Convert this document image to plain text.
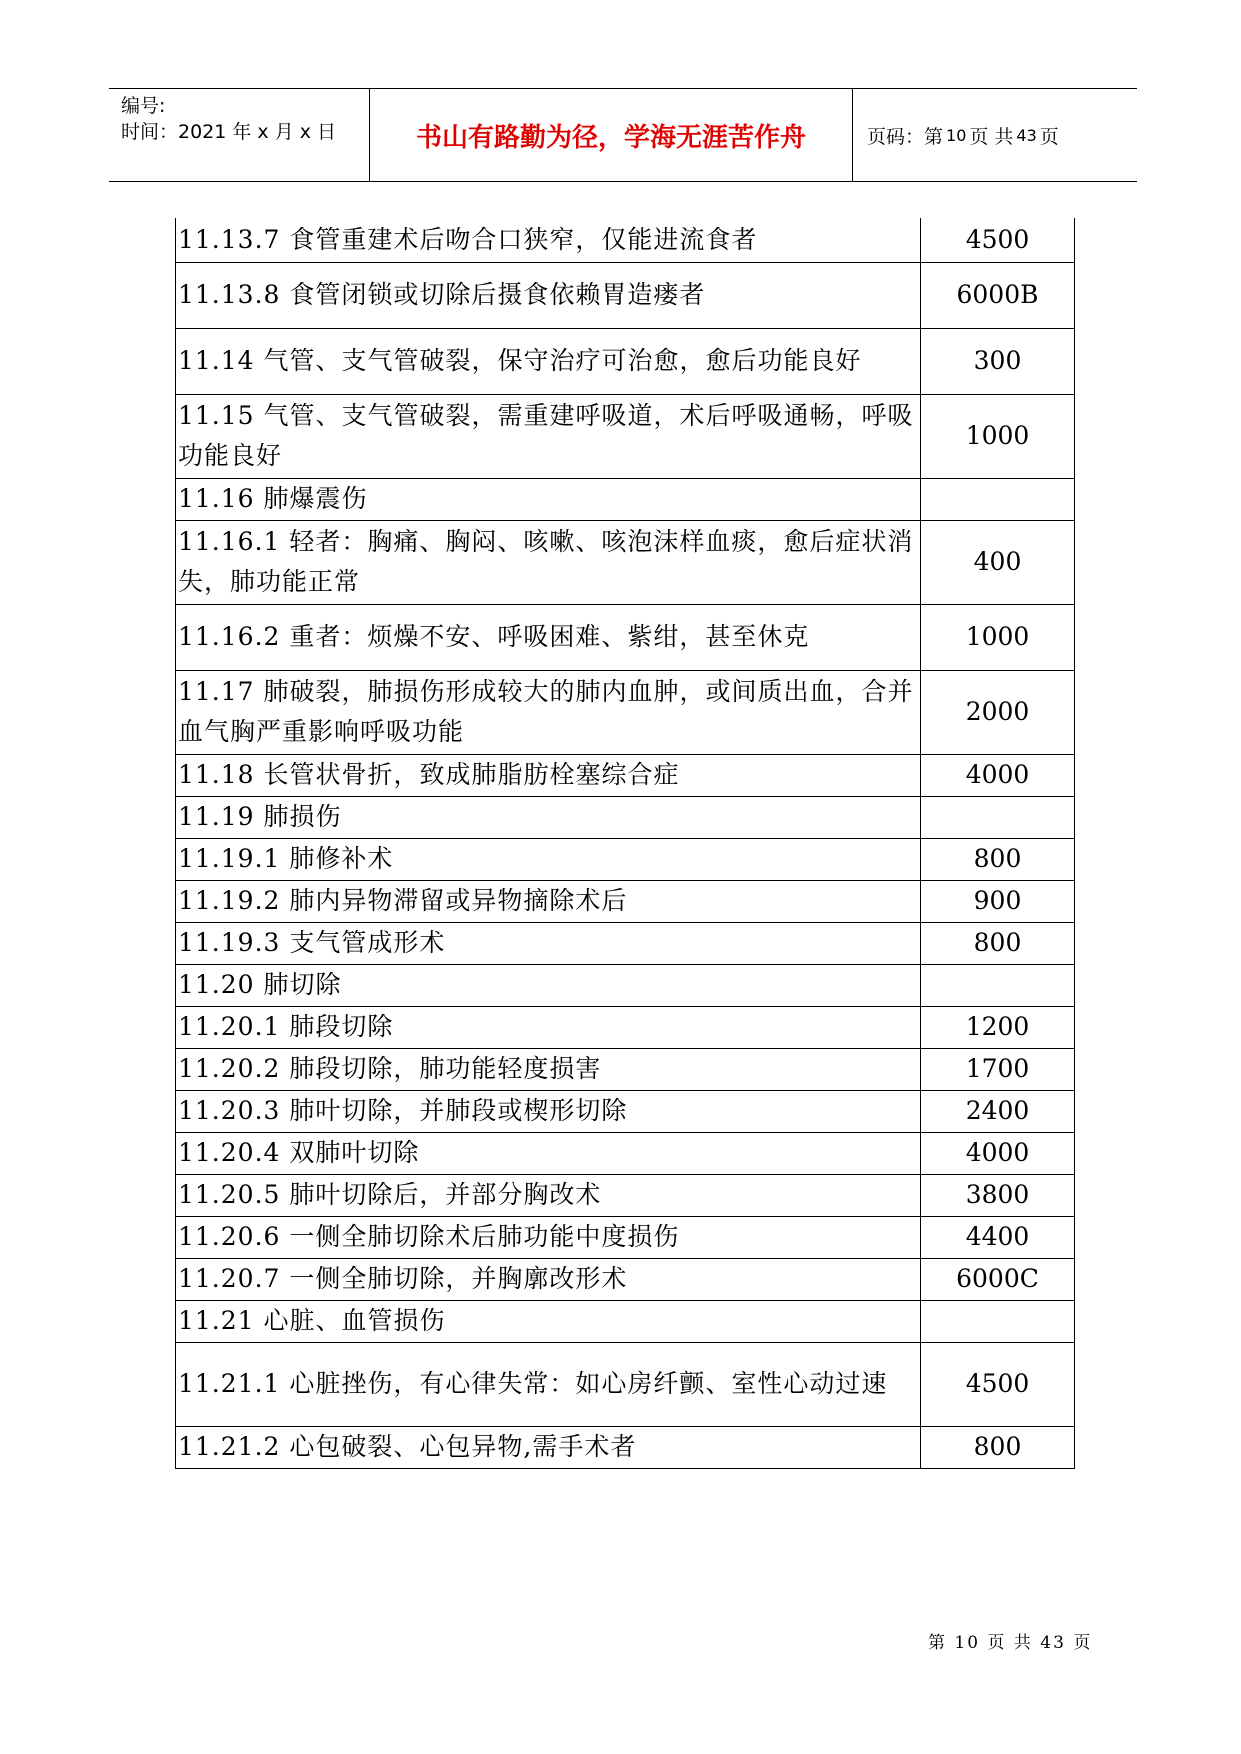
编号:
时间：2021 年 x 月 x 日	书山有路勤为径，学海无涯苦作舟	页码：第 10 页 共 43 页
11.13.7 食管重建术后吻合口狭窄，仅能进流食者	4500
11.13.8 食管闭锁或切除后摄食依赖胃造瘘者	6000B
11.14 气管、支气管破裂，保守治疗可治愈，愈后功能良好	300
11.15 气管、支气管破裂，需重建呼吸道，术后呼吸通畅，呼吸功能良好	1000
11.16 肺爆震伤	
11.16.1 轻者：胸痛、胸闷、咳嗽、咳泡沫样血痰，愈后症状消失，肺功能正常	400
11.16.2 重者：烦燥不安、呼吸困难、紫绀，甚至休克	1000
11.17 肺破裂，肺损伤形成较大的肺内血肿，或间质出血，合并血气胸严重影响呼吸功能	2000
11.18 长管状骨折，致成肺脂肪栓塞综合症	4000
11.19 肺损伤	
11.19.1 肺修补术	800
11.19.2 肺内异物滞留或异物摘除术后	900
11.19.3 支气管成形术	800
11.20 肺切除	
11.20.1 肺段切除	1200
11.20.2 肺段切除，肺功能轻度损害	1700
11.20.3 肺叶切除，并肺段或楔形切除	2400
11.20.4 双肺叶切除	4000
11.20.5 肺叶切除后，并部分胸改术	3800
11.20.6 一侧全肺切除术后肺功能中度损伤	4400
11.20.7 一侧全肺切除，并胸廓改形术	6000C
11.21 心脏、血管损伤	
11.21.1 心脏挫伤，有心律失常：如心房纤颤、室性心动过速	4500
11.21.2 心包破裂、心包异物,需手术者	800
第 10 页 共 43 页
